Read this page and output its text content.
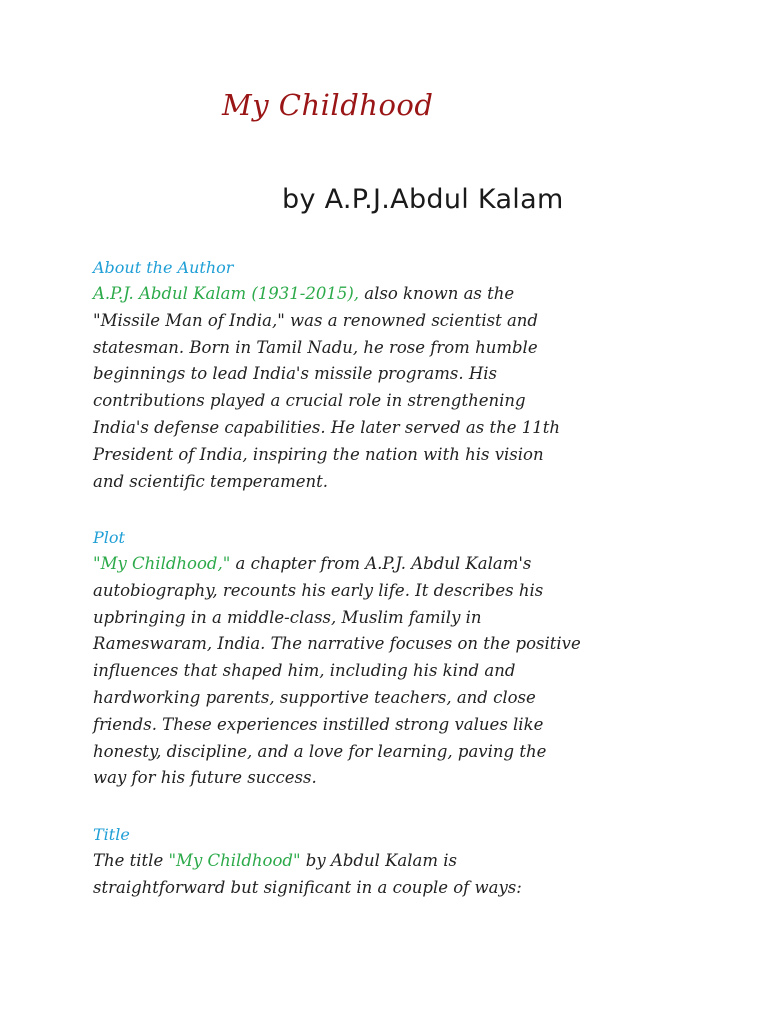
My Childhood
by A.P.J.Abdul Kalam
About the Author
A.P.J. Abdul Kalam (1931-2015), also known as the
"Missile Man of India," was a renowned scientist and
statesman. Born in Tamil Nadu, he rose from humble
beginnings to lead India's missile programs. His
contributions played a crucial role in strengthening
India's defense capabilities. He later served as the 11th
President of India, inspiring the nation with his vision
and scientific temperament.
Plot
"My Childhood," a chapter from A.P.J. Abdul Kalam's
autobiography, recounts his early life. It describes his
upbringing in a middle-class, Muslim family in
Rameswaram, India. The narrative focuses on the positive
influences that shaped him, including his kind and
hardworking parents, supportive teachers, and close
friends. These experiences instilled strong values like
honesty, discipline, and a love for learning, paving the
way for his future success.
Title
The title "My Childhood" by Abdul Kalam is
straightforward but significant in a couple of ways:
